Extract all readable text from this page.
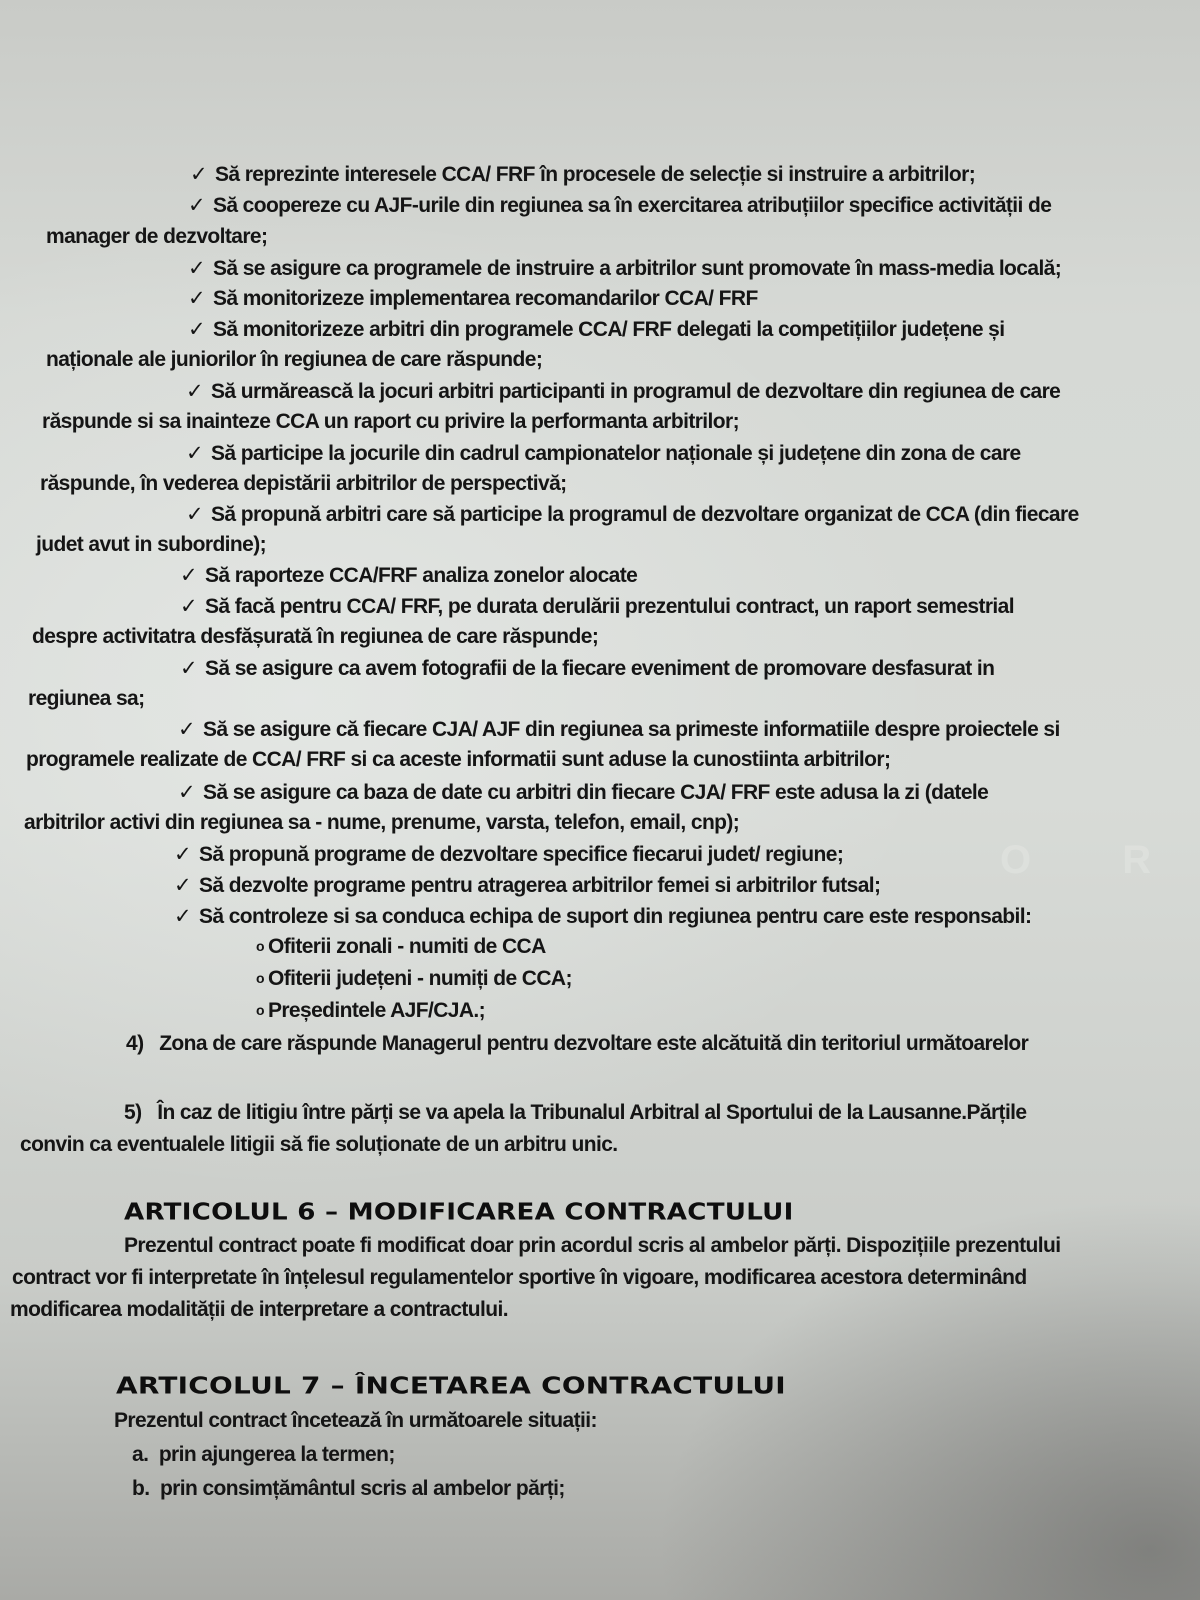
✓ Să reprezinte interesele CCA/ FRF în procesele de selecție si instruire a arbitrilor;
✓ Să coopereze cu AJF-urile din regiunea sa în exercitarea atribuțiilor specifice activității de
manager de dezvoltare;
✓ Să se asigure ca programele de instruire a arbitrilor sunt promovate în mass-media locală;
✓ Să monitorizeze implementarea recomandarilor CCA/ FRF
✓ Să monitorizeze arbitri din programele CCA/ FRF delegati la competițiilor județene și
naționale ale juniorilor în regiunea de care răspunde;
✓ Să urmărească la jocuri arbitri participanti in programul de dezvoltare din regiunea de care
răspunde si sa inainteze CCA un raport cu privire la performanta arbitrilor;
✓ Să participe la jocurile din cadrul campionatelor naționale și județene din zona de care
răspunde, în vederea depistării arbitrilor de perspectivă;
✓ Să propună arbitri care să participe la programul de dezvoltare organizat de CCA (din fiecare
judet avut in subordine);
✓ Să raporteze CCA/FRF analiza zonelor alocate
✓ Să facă pentru CCA/ FRF, pe durata derulării prezentului contract, un raport semestrial
despre activitatra desfășurată în regiunea de care răspunde;
✓ Să se asigure ca avem fotografii de la fiecare eveniment de promovare desfasurat in
regiunea sa;
✓ Să se asigure că fiecare CJA/ AJF din regiunea sa primeste informatiile despre proiectele si
programele realizate de CCA/ FRF si ca aceste informatii sunt aduse la cunostiinta arbitrilor;
✓ Să se asigure ca baza de date cu arbitri din fiecare CJA/ FRF este adusa la zi (datele
arbitrilor activi din regiunea sa - nume, prenume, varsta, telefon, email, cnp);
✓ Să propună programe de dezvoltare specifice fiecarui judet/ regiune;
✓ Să dezvolte programe pentru atragerea arbitrilor femei si arbitrilor futsal;
✓ Să controleze si sa conduca echipa de suport din regiunea pentru care este responsabil:
o Ofiterii zonali - numiti de CCA
o Ofiterii județeni - numiți de CCA;
o Președintele AJF/CJA.;
4) Zona de care răspunde Managerul pentru dezvoltare este alcătuită din teritoriul următoarelor
5) În caz de litigiu între părți se va apela la Tribunalul Arbitral al Sportului de la Lausanne.Părțile
convin ca eventualele litigii să fie soluționate de un arbitru unic.
ARTICOLUL 6 – MODIFICAREA CONTRACTULUI
Prezentul contract poate fi modificat doar prin acordul scris al ambelor părți. Dispozițiile prezentului
contract vor fi interpretate în înțelesul regulamentelor sportive în vigoare, modificarea acestora determinând
modificarea modalității de interpretare a contractului.
ARTICOLUL 7 – ÎNCETAREA CONTRACTULUI
Prezentul contract încetează în următoarele situații:
a. prin ajungerea la termen;
b. prin consimțământul scris al ambelor părți;
O R
